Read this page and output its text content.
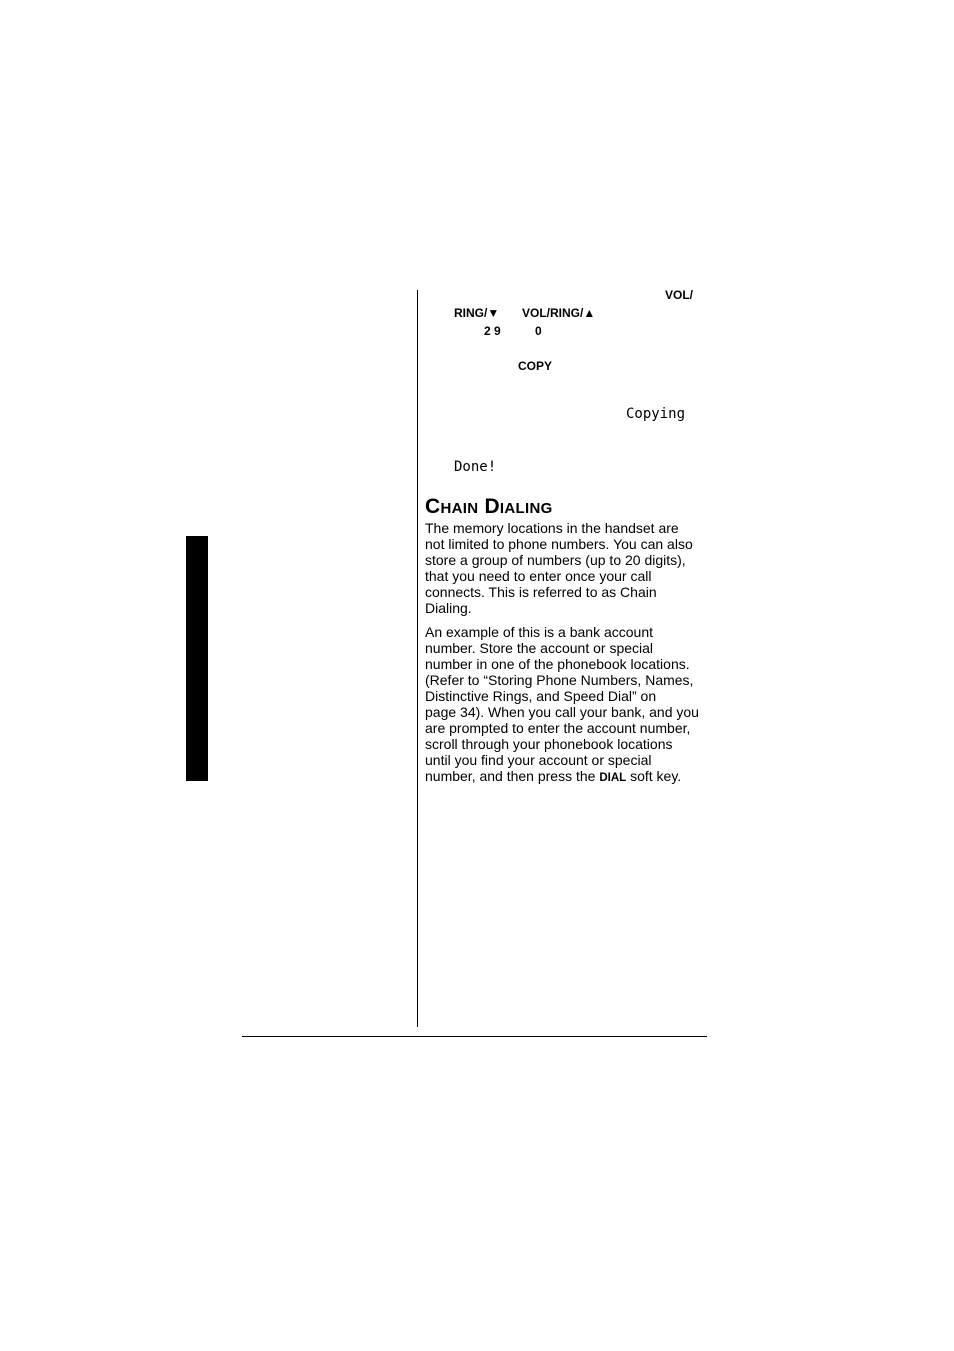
VOL/
RING/▼ VOL/RING/▲
2 9	0
COPY
Copying
Done!
Chain Dialing
The memory locations in the handset are
not limited to phone numbers. You can also
store a group of numbers (up to 20 digits),
that you need to enter once your call
connects. This is referred to as Chain
Dialing.
An example of this is a bank account
number. Store the account or special
number in one of the phonebook locations.
(Refer to “Storing Phone Numbers, Names,
Distinctive Rings, and Speed Dial” on
page 34). When you call your bank, and you
are prompted to enter the account number,
scroll through your phonebook locations
until you find your account or special
number, and then press the DIAL soft key.
